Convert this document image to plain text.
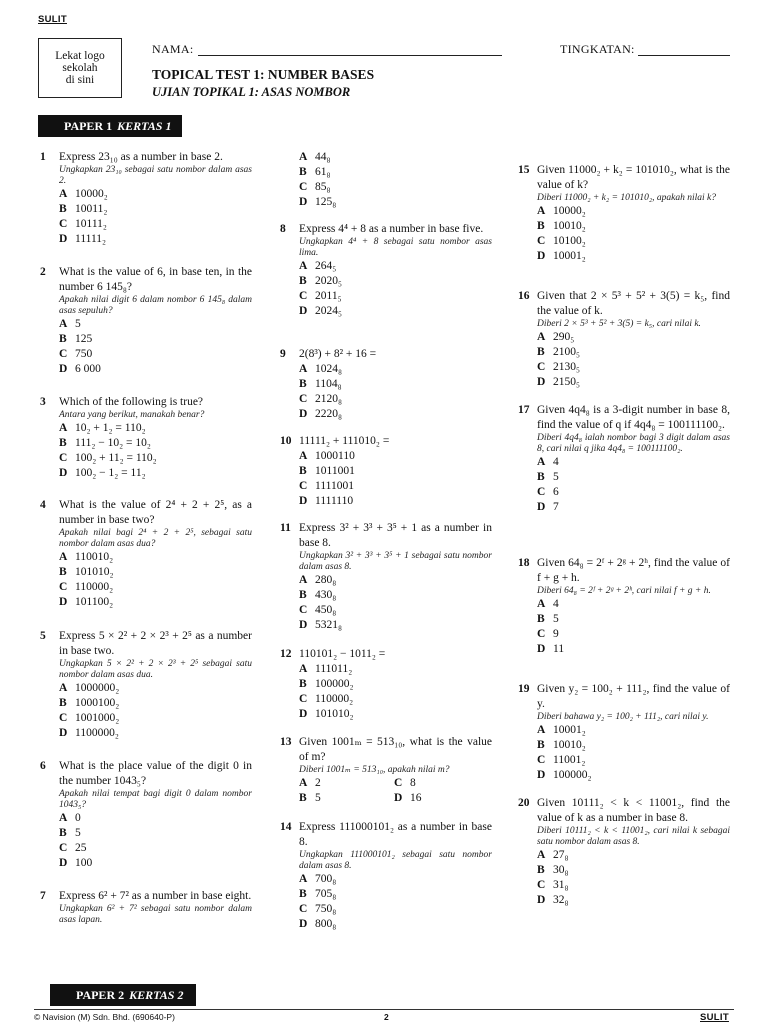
SULIT
Lekat logo
sekolah
di sini
NAMA:	TINGKATAN:
TOPICAL TEST 1: NUMBER BASES
UJIAN TOPIKAL 1: ASAS NOMBOR
PAPER 1 KERTAS 1
1 Express 23₁₀ as a number in base 2.
Ungkapkan 23₁₀ sebagai satu nombor dalam asas 2.
A 10000₂
B 10011₂
C 10111₂
D 11111₂
2 What is the value of 6, in base ten, in the number 6 145₈?
Apakah nilai digit 6 dalam nombor 6 145₈ dalam asas sepuluh?
A 5
B 125
C 750
D 6 000
3 Which of the following is true?
Antara yang berikut, manakah benar?
A 10₂ + 1₂ = 110₂
B 111₂ − 10₂ = 10₂
C 100₂ + 11₂ = 110₂
D 100₂ − 1₂ = 11₂
4 What is the value of 2⁴ + 2 + 2⁵, as a number in base two?
Apakah nilai bagi 2⁴ + 2 + 2⁵, sebagai satu nombor dalam asas dua?
A 110010₂
B 101010₂
C 110000₂
D 101100₂
5 Express 5 × 2² + 2 × 2³ + 2⁵ as a number in base two.
Ungkapkan 5 × 2² + 2 × 2³ + 2⁵ sebagai satu nombor dalam asas dua.
A 1000000₂
B 1000100₂
C 1001000₂
D 1100000₂
6 What is the place value of the digit 0 in the number 1043₅?
Apakah nilai tempat bagi digit 0 dalam nombor 1043₅?
A 0
B 5
C 25
D 100
7 Express 6² + 7² as a number in base eight.
Ungkapkan 6² + 7² sebagai satu nombor dalam asas lapan.
A 44₈
B 61₈
C 85₈
D 125₈
8 Express 4⁴ + 8 as a number in base five.
Ungkapkan 4⁴ + 8 sebagai satu nombor asas lima.
A 264₅
B 2020₅
C 2011₅
D 2024₅
9 2(8³) + 8² + 16 =
A 1024₈
B 1104₈
C 2120₈
D 2220₈
10 11111₂ + 111010₂ =
A 1000110
B 1011001
C 1111001
D 1111110
11 Express 3² + 3³ + 3⁵ + 1 as a number in base 8.
Ungkapkan 3² + 3³ + 3⁵ + 1 sebagai satu nombor dalam asas 8.
A 280₈
B 430₈
C 450₈
D 5321₈
12 110101₂ − 1011₂ =
A 111011₂
B 100000₂
C 110000₂
D 101010₂
13 Given 1001ₘ = 513₁₀, what is the value of m?
Diberi 1001ₘ = 513₁₀, apakah nilai m?
A 2	C 8
B 5	D 16
14 Express 111000101₂ as a number in base 8.
Ungkapkan 111000101₂ sebagai satu nombor dalam asas 8.
A 700₈
B 705₈
C 750₈
D 800₈
15 Given 11000₂ + k₂ = 101010₂, what is the value of k?
Diberi 11000₂ + k₂ = 101010₂, apakah nilai k?
A 10000₂
B 10010₂
C 10100₂
D 10001₂
16 Given that 2 × 5³ + 5² + 3(5) = k₅, find the value of k.
Diberi 2 × 5³ + 5² + 3(5) = k₅, cari nilai k.
A 290₅
B 2100₅
C 2130₅
D 2150₅
17 Given 4q4₈ is a 3-digit number in base 8, find the value of q if 4q4₈ = 100111100₂.
Diberi 4q4₈ ialah nombor bagi 3 digit dalam asas 8, cari nilai q jika 4q4₈ = 100111100₂.
A 4
B 5
C 6
D 7
18 Given 64₈ = 2ᶠ + 2ᵍ + 2ʰ, find the value of f + g + h.
Diberi 64₈ = 2ᶠ + 2ᵍ + 2ʰ, cari nilai f + g + h.
A 4
B 5
C 9
D 11
19 Given y₂ = 100₂ + 111₂, find the value of y.
Diberi bahawa y₂ = 100₂ + 111₂, cari nilai y.
A 10001₂
B 10010₂
C 11001₂
D 100000₂
20 Given 10111₂ < k < 11001₂, find the value of k as a number in base 8.
Diberi 10111₂ < k < 11001₂, cari nilai k sebagai satu nombor dalam asas 8.
A 27₈
B 30₈
C 31₈
D 32₈
PAPER 2 KERTAS 2
© Navision (M) Sdn. Bhd. (690640-P)	2	SULIT
